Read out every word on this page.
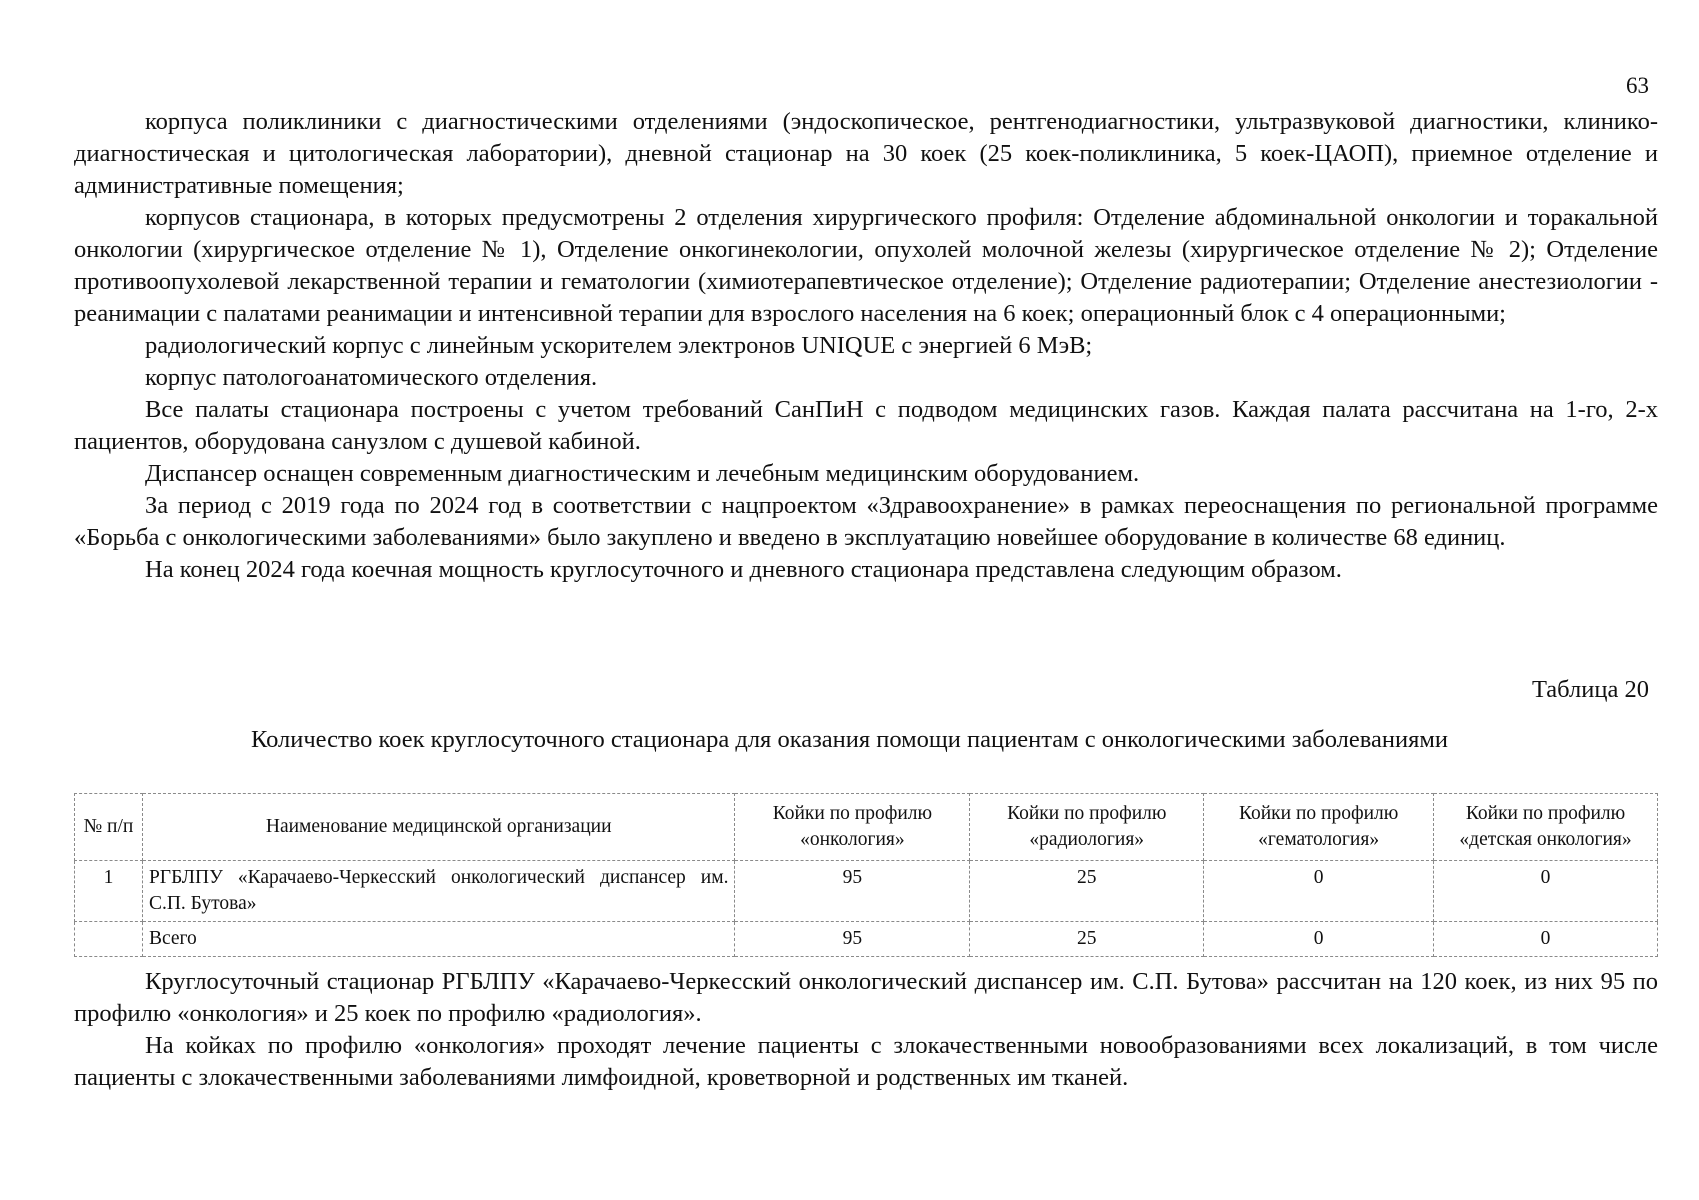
63

корпуса поликлиники с диагностическими отделениями (эндоскопическое, рентгенодиагностики, ультразвуковой диагностики, клинико-диагностическая и цитологическая лаборатории), дневной стационар на 30 коек (25 коек-поликлиника, 5 коек-ЦАОП), приемное отделение и административные помещения;

корпусов стационара, в которых предусмотрены 2 отделения хирургического профиля: Отделение абдоминальной онкологии и торакальной онкологии (хирургическое отделение № 1), Отделение онкогинекологии, опухолей молочной железы (хирургическое отделение № 2); Отделение противоопухолевой лекарственной терапии и гематологии (химиотерапевтическое отделение); Отделение радиотерапии; Отделение анестезиологии - реанимации с палатами реанимации и интенсивной терапии для взрослого населения на 6 коек; операционный блок с 4 операционными;

радиологический корпус с линейным ускорителем электронов UNIQUE с энергией 6 МэВ;

корпус патологоанатомического отделения.

Все палаты стационара построены с учетом требований СанПиН с подводом медицинских газов. Каждая палата рассчитана на 1-го, 2-х пациентов, оборудована санузлом с душевой кабиной.

Диспансер оснащен современным диагностическим и лечебным медицинским оборудованием.

За период с 2019 года по 2024 год в соответствии с нацпроектом «Здравоохранение» в рамках переоснащения по региональной программе «Борьба с онкологическими заболеваниями» было закуплено и введено в эксплуатацию новейшее оборудование в количестве 68 единиц.

На конец 2024 года коечная мощность круглосуточного и дневного стационара представлена следующим образом.

Таблица 20
Количество коек круглосуточного стационара для оказания помощи пациентам с онкологическими заболеваниями
№ п/п	Наименование медицинской организации	Койки по профилю «онкология»	Койки по профилю «радиология»	Койки по профилю «гематология»	Койки по профилю «детская онкология»
1	РГБЛПУ «Карачаево-Черкесский онкологический диспансер им. С.П. Бутова»	95	25	0	0
	Всего	95	25	0	0

Круглосуточный стационар РГБЛПУ «Карачаево-Черкесский онкологический диспансер им. С.П. Бутова» рассчитан на 120 коек, из них 95 по профилю «онкология» и 25 коек по профилю «радиология».

На койках по профилю «онкология» проходят лечение пациенты с злокачественными новообразованиями всех локализаций, в том числе пациенты с злокачественными заболеваниями лимфоидной, кроветворной и родственных им тканей.
